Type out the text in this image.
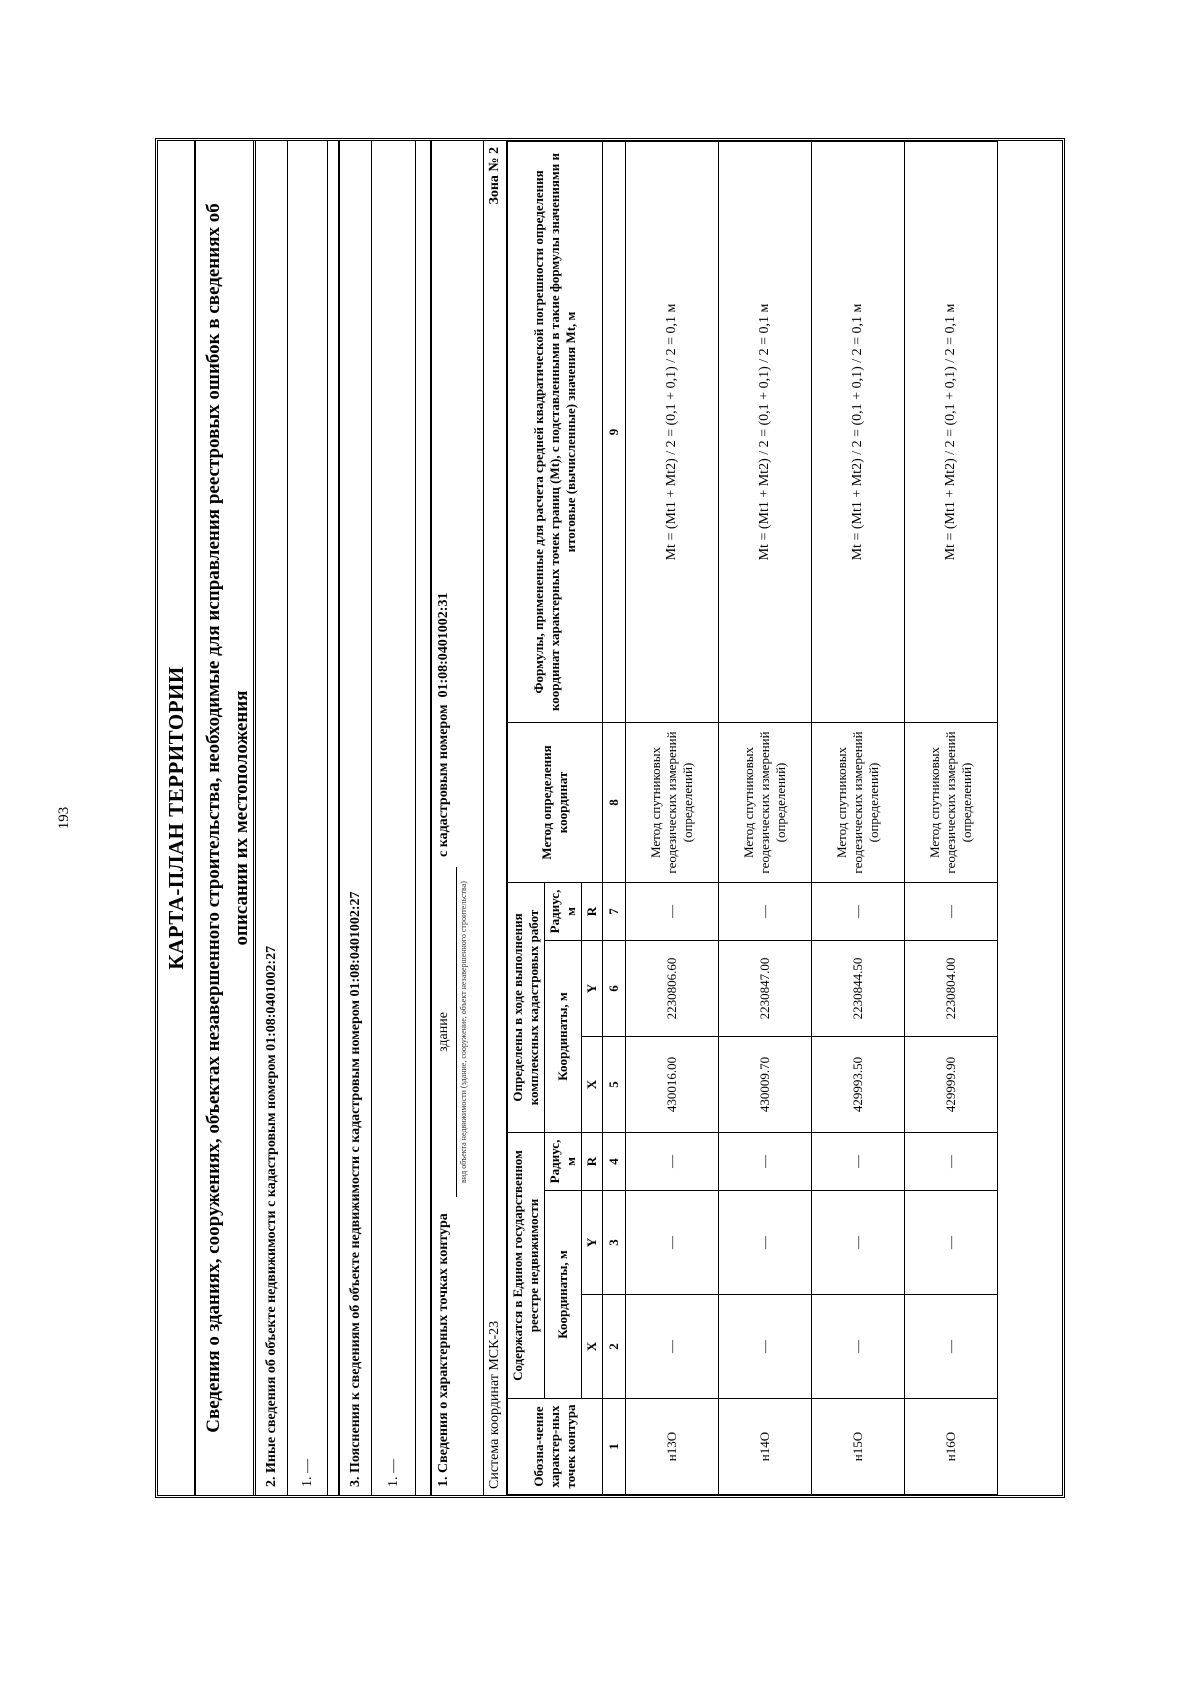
193	КАРТА-ПЛАН ТЕРРИТОРИИ Сведения о зданиях, сооружениях, объектах незавершенного строительства, необходимые для исправления реестровых ошибок в сведениях об описании их местоположения
2. Иные сведения об объекте недвижимости с кадастровым номером

01:08:0401002:27
1. —	3. Пояснения к сведениям об объекте недвижимости с кадастровым номером

01:08:0401002:27
1. —	1. Сведения о характерных точках контура
здание	вид объекта недвижимости (здание, сооружение, объект незавершенного строительства)
с кадастровым номером  01:08:0401002:31
Система координат МСК-23
Зона № 2
Обозна-чение характер-ных точек контура	Содержатся в Едином государственном реестре недвижимости			Определены в ходе выполнения комплексных кадастровых работ			Метод определения координат	Формулы, примененные для расчета средней квадратической погрешности определения координат характерных точек границ (Mt), с подставленными в такие формулы значениями и итоговые (вычисленные) значения Mt, м
	Координаты, м		Радиус, м	Координаты, м		Радиус, м		
	X	Y	R	X	Y	R		
1	2	3	4	5	6	7	8	9
н13О	—	—	—	430016.00	2230806.60	—	Метод спутниковых геодезических измерений (определений)	Mt = (Mt1 + Mt2) / 2 = (0,1 + 0,1) / 2 = 0,1 м
н14О	—	—	—	430009.70	2230847.00	—	Метод спутниковых геодезических измерений (определений)	Mt = (Mt1 + Mt2) / 2 = (0,1 + 0,1) / 2 = 0,1 м
н15О	—	—	—	429993.50	2230844.50	—	Метод спутниковых геодезических измерений (определений)	Mt = (Mt1 + Mt2) / 2 = (0,1 + 0,1) / 2 = 0,1 м
н16О	—	—	—	429999.90	2230804.00	—	Метод спутниковых геодезических измерений (определений)	Mt = (Mt1 + Mt2) / 2 = (0,1 + 0,1) / 2 = 0,1 м
